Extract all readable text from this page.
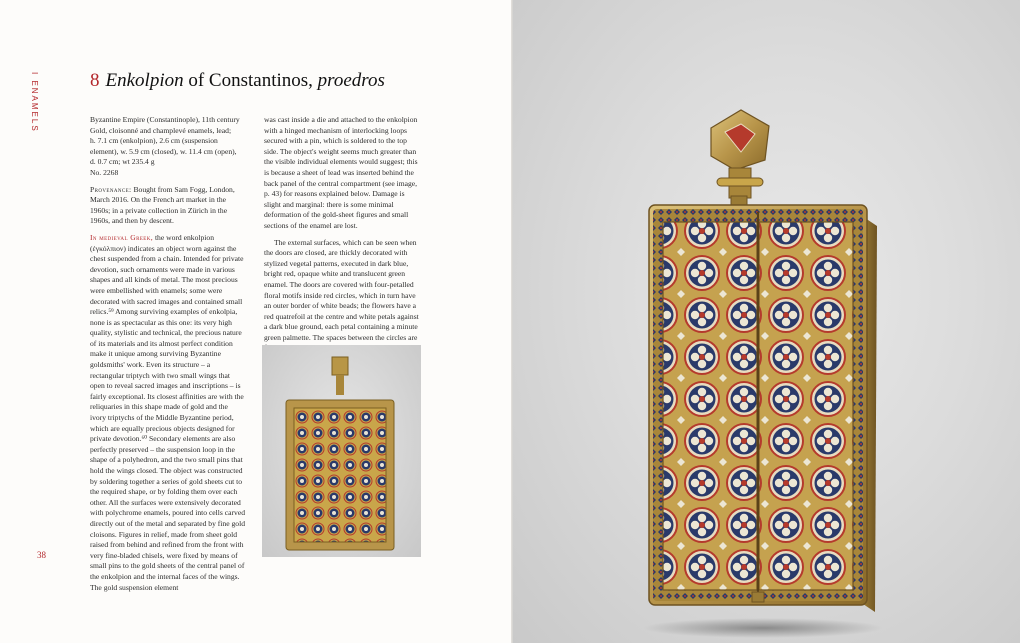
I ENAMELS	8 Enkolpion of Constantinos, proedros

Byzantine Empire (Constantinople), 11th century
Gold, cloisonné and champlevé enamels, lead;
h. 7.1 cm (enkolpion), 2.6 cm (suspension
element), w. 5.9 cm (closed), w. 11.4 cm (open),
d. 0.7 cm; wt 235.4 g
No. 2268

Provenance: Bought from Sam Fogg, London, March 2016. On the French art market in the 1960s; in a private collection in Zürich in the 1960s, and then by descent.

In medieval Greek, the word enkolpion (ἐγκόλπιον) indicates an object worn against the chest suspended from a chain. Intended for private devotion, such ornaments were made in various shapes and all kinds of metal. The most precious were embellished with enamels; some were decorated with sacred images and contained small relics.⁵⁹ Among surviving examples of enkolpia, none is as spectacular as this one: its very high quality, stylistic and technical, the precious nature of its materials and its almost perfect condition make it unique among surviving Byzantine goldsmiths' work. Even its structure – a rectangular triptych with two small wings that open to reveal sacred images and inscriptions – is fairly exceptional. Its closest affinities are with the reliquaries in this shape made of gold and the ivory triptychs of the Middle Byzantine period, which are equally precious objects designed for private devotion.⁶⁰ Secondary elements are also perfectly preserved – the suspension loop in the shape of a polyhedron, and the two small pins that hold the wings closed. The object was constructed by soldering together a series of gold sheets cut to the required shape, or by folding them over each other. All the surfaces were extensively decorated with polychrome enamels, poured into cells carved directly out of the metal and separated by fine gold cloisons. Figures in relief, made from sheet gold raised from behind and refined from the front with very fine-bladed chisels, were fixed by means of small pins to the gold sheets of the central panel of the enkolpion and the internal faces of the wings. The gold suspension element

was cast inside a die and attached to the enkolpion with a hinged mechanism of interlocking loops secured with a pin, which is soldered to the top side. The object's weight seems much greater than the visible individual elements would suggest; this is because a sheet of lead was inserted behind the back panel of the central compartment (see image, p. 43) for reasons explained below. Damage is slight and marginal: there is some minimal deformation of the gold-sheet figures and small sections of the enamel are lost.

The external surfaces, which can be seen when the doors are closed, are thickly decorated with stylized vegetal patterns, executed in dark blue, bright red, opaque white and translucent green enamel. The doors are covered with four-petalled floral motifs inside red circles, which in turn have an outer border of white beads; the flowers have a red quatrefoil at the centre and white petals against a dark blue ground, each petal containing a minute green palmette. The spaces between the circles are

38
